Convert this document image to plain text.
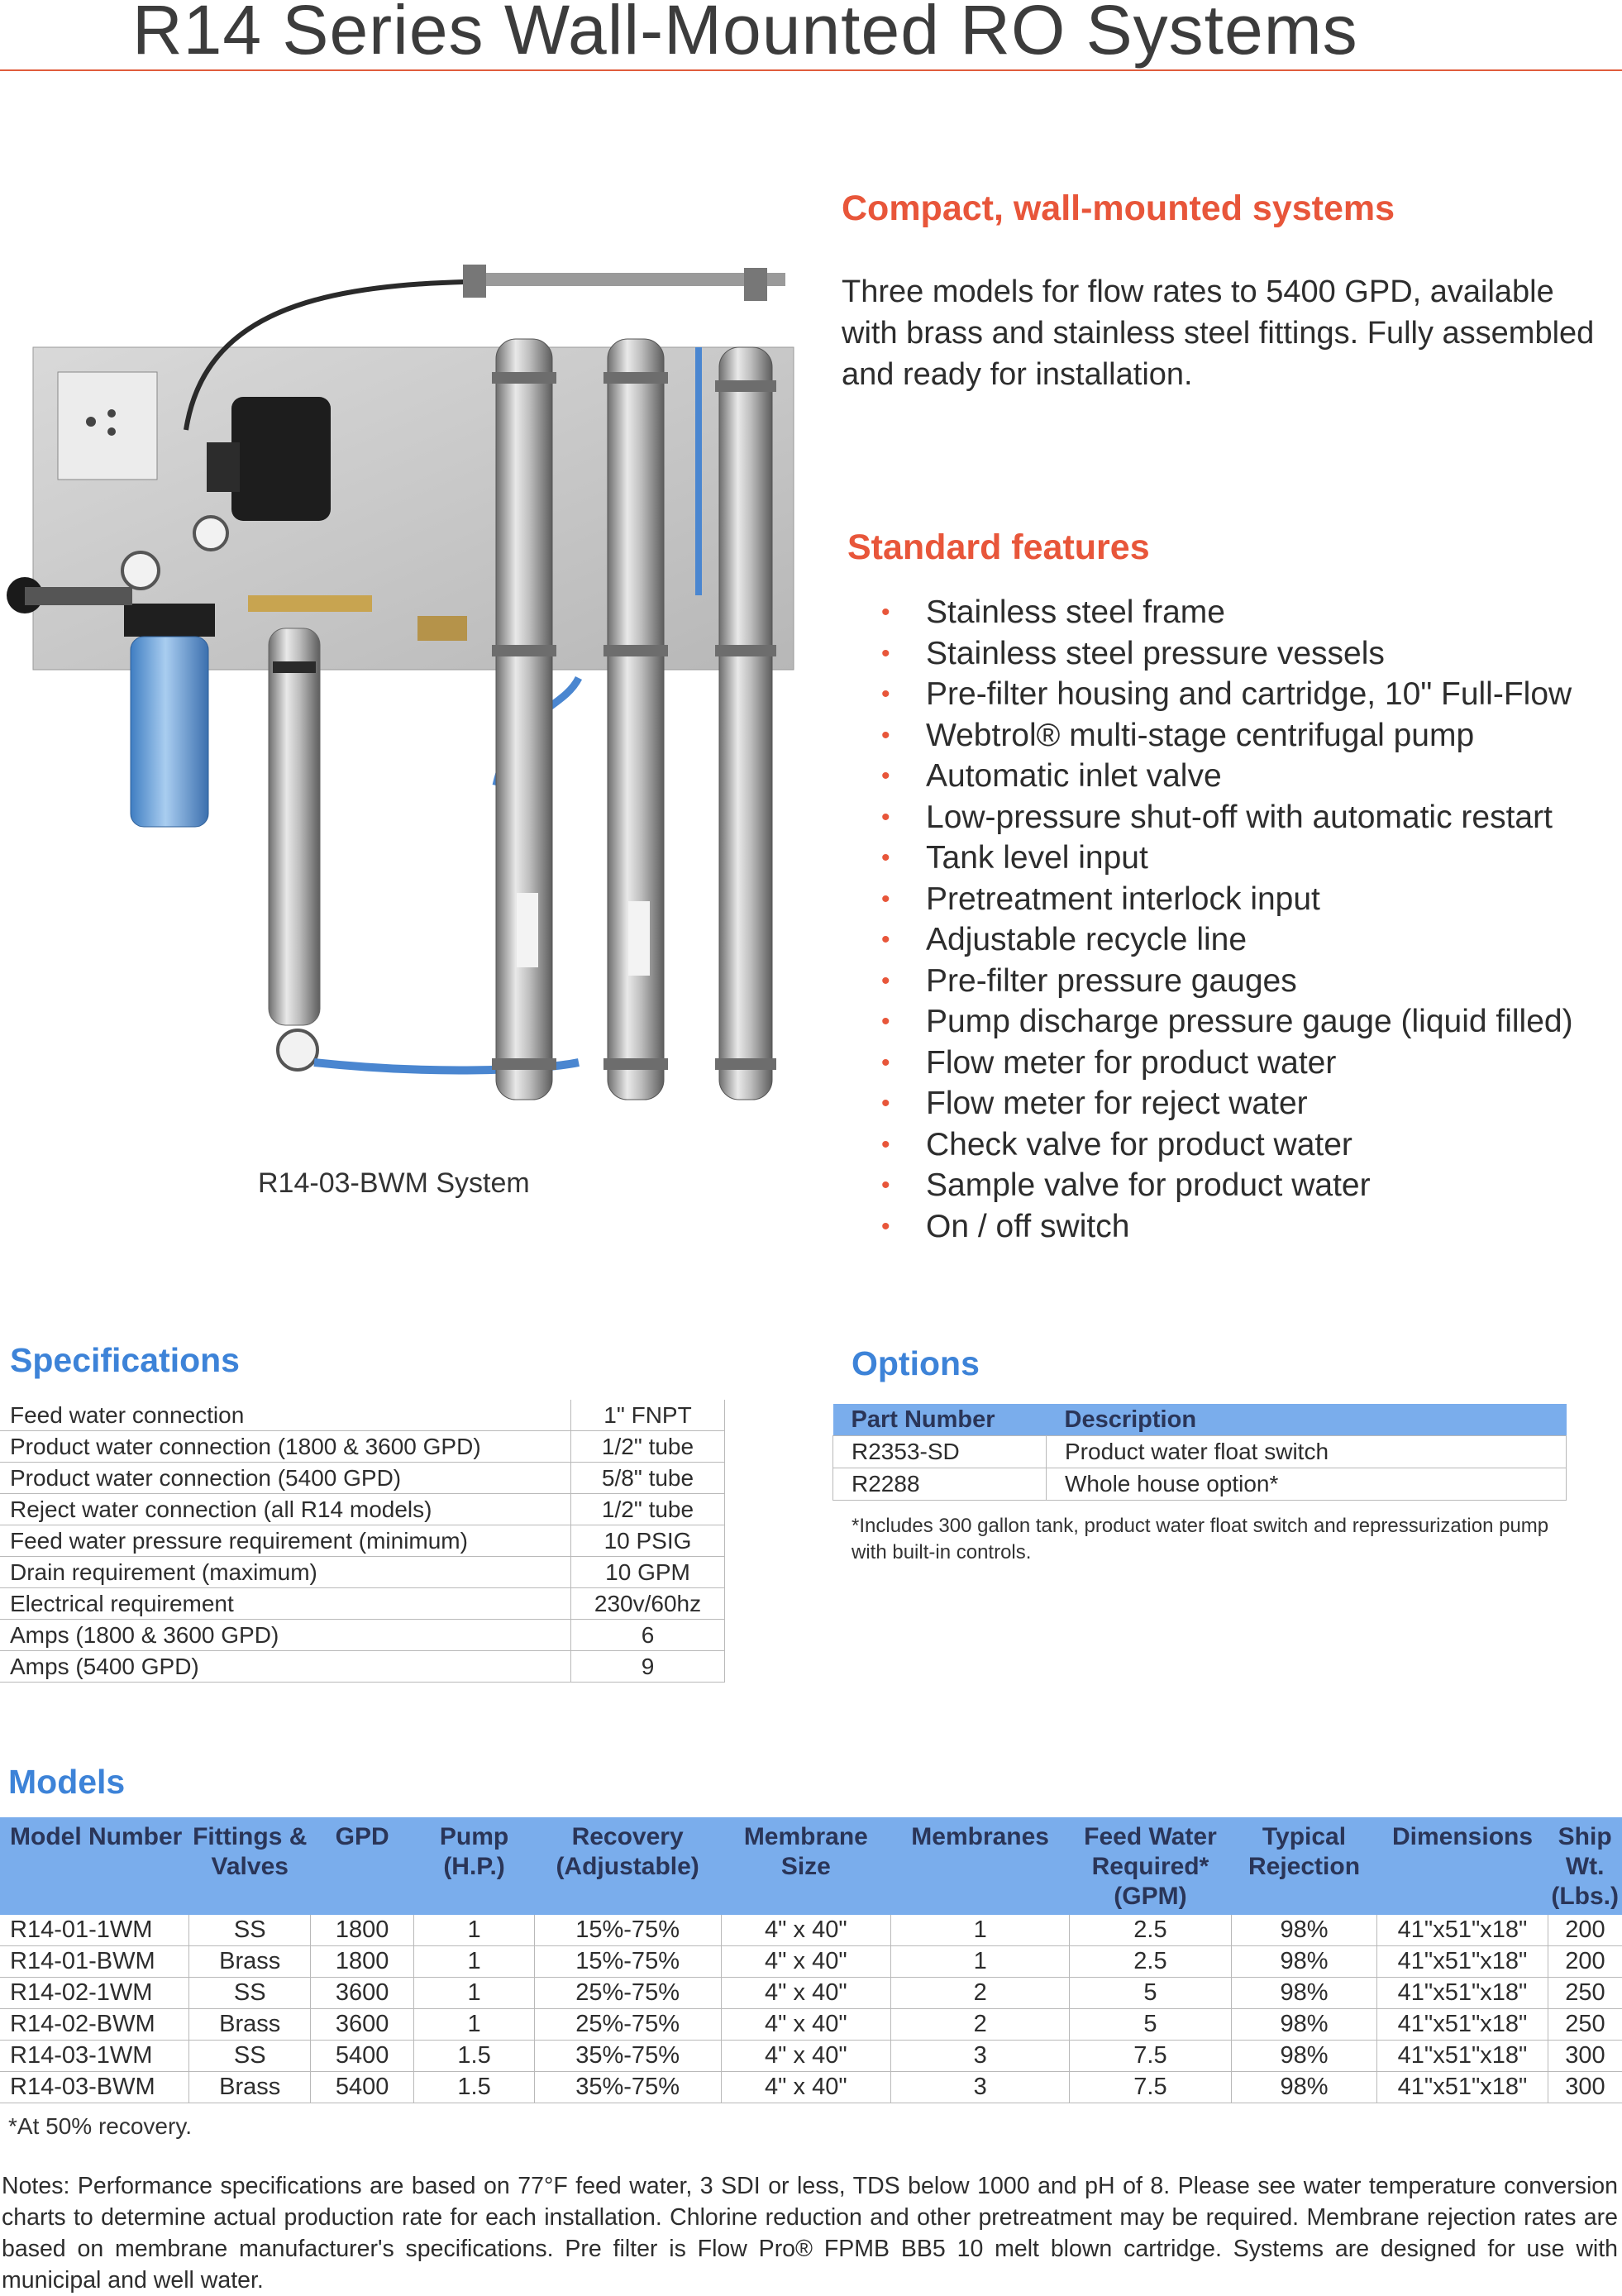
R14 Series Wall-Mounted RO Systems
R14-03-BWM System
Compact, wall-mounted systems
Three models for flow rates to 5400 GPD, available with brass and stainless steel fittings. Fully assembled and ready for installation.
Standard features
• Stainless steel frame
• Stainless steel pressure vessels
• Pre-filter housing and cartridge, 10" Full-Flow
• Webtrol® multi-stage centrifugal pump
• Automatic inlet valve
• Low-pressure shut-off with automatic restart
• Tank level input
• Pretreatment interlock input
• Adjustable recycle line
• Pre-filter pressure gauges
• Pump discharge pressure gauge (liquid filled)
• Flow meter for product water
• Flow meter for reject water
• Check valve for product water
• Sample valve for product water
• On / off switch
Specifications
Feed water connection	1" FNPT
Product water connection (1800 & 3600 GPD)	1/2" tube
Product water connection (5400 GPD)	5/8" tube
Reject water connection (all R14 models)	1/2" tube
Feed water pressure requirement (minimum)	10 PSIG
Drain requirement (maximum)	10 GPM
Electrical requirement	230v/60hz
Amps (1800 & 3600 GPD)	6
Amps (5400 GPD)	9
Options
Part Number	Description
R2353-SD	Product water float switch
R2288	Whole house option*
*Includes 300 gallon tank, product water float switch and repressurization pump with built-in controls.
Models
Model Number	Fittings & Valves	GPD	Pump (H.P.)	Recovery (Adjustable)	Membrane Size	Membranes	Feed Water Required* (GPM)	Typical Rejection	Dimensions	Ship Wt. (Lbs.)
R14-01-1WM	SS	1800	1	15%-75%	4" x 40"	1	2.5	98%	41"x51"x18"	200
R14-01-BWM	Brass	1800	1	15%-75%	4" x 40"	1	2.5	98%	41"x51"x18"	200
R14-02-1WM	SS	3600	1	25%-75%	4" x 40"	2	5	98%	41"x51"x18"	250
R14-02-BWM	Brass	3600	1	25%-75%	4" x 40"	2	5	98%	41"x51"x18"	250
R14-03-1WM	SS	5400	1.5	35%-75%	4" x 40"	3	7.5	98%	41"x51"x18"	300
R14-03-BWM	Brass	5400	1.5	35%-75%	4" x 40"	3	7.5	98%	41"x51"x18"	300
*At 50% recovery.
Notes: Performance specifications are based on 77°F feed water, 3 SDI or less, TDS below 1000 and pH of 8. Please see water temperature conversion charts to determine actual production rate for each installation. Chlorine reduction and other pretreatment may be required. Membrane rejection rates are based on membrane manufacturer's specifications. Pre filter is Flow Pro® FPMB BB5 10 melt blown cartridge. Systems are designed for use with municipal and well water.
